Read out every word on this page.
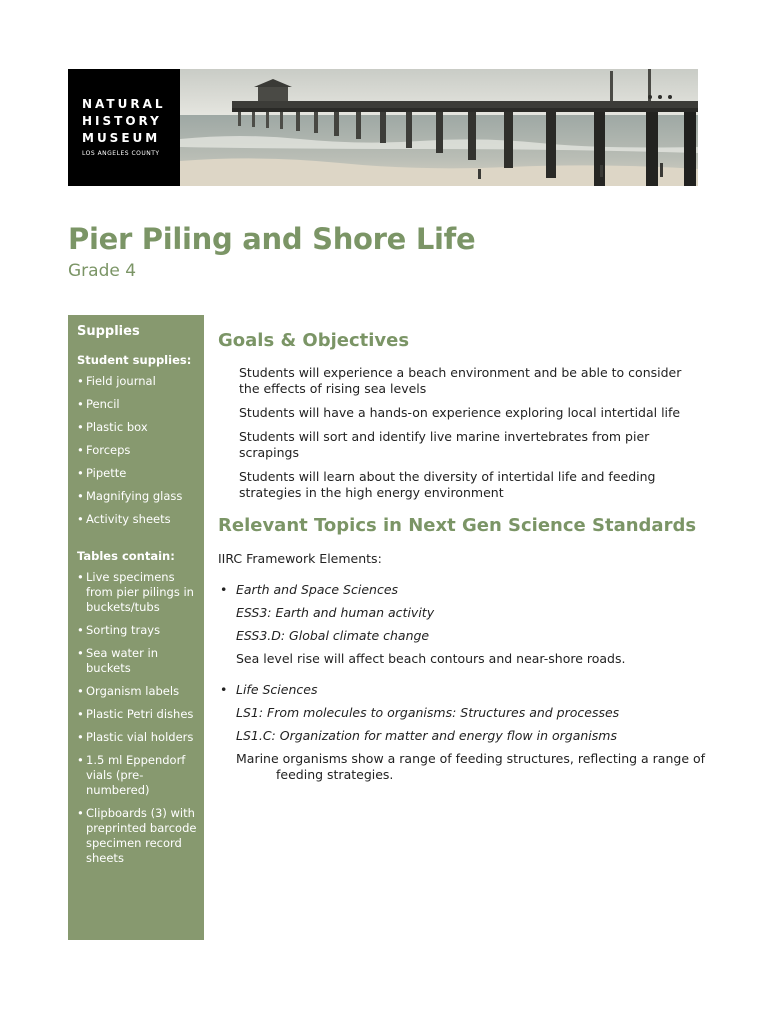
NATURAL
HISTORY
MUSEUM
LOS ANGELES COUNTY
Pier Piling and Shore Life
Grade 4
Supplies
Student supplies:
• Field journal
• Pencil
• Plastic box
• Forceps
• Pipette
• Magnifying glass
• Activity sheets
Tables contain:
• Live specimens from pier pilings in buckets/tubs
• Sorting trays
• Sea water in buckets
• Organism labels
• Plastic Petri dishes
• Plastic vial holders
• 1.5 ml Eppendorf vials (pre-numbered)
• Clipboards (3) with preprinted barcode specimen record sheets
Goals & Objectives
Students will experience a beach environment and be able to consider the effects of rising sea levels
Students will have a hands-on experience exploring local intertidal life
Students will sort and identify live marine invertebrates from pier scrapings
Students will learn about the diversity of intertidal life and feeding strategies in the high energy environment
Relevant Topics in Next Gen Science Standards
IIRC Framework Elements:
• Earth and Space Sciences
ESS3: Earth and human activity
ESS3.D: Global climate change
Sea level rise will affect beach contours and near-shore roads.
• Life Sciences
LS1: From molecules to organisms: Structures and processes
LS1.C: Organization for matter and energy flow in organisms
Marine organisms show a range of feeding structures, reflecting a range of
feeding strategies.
